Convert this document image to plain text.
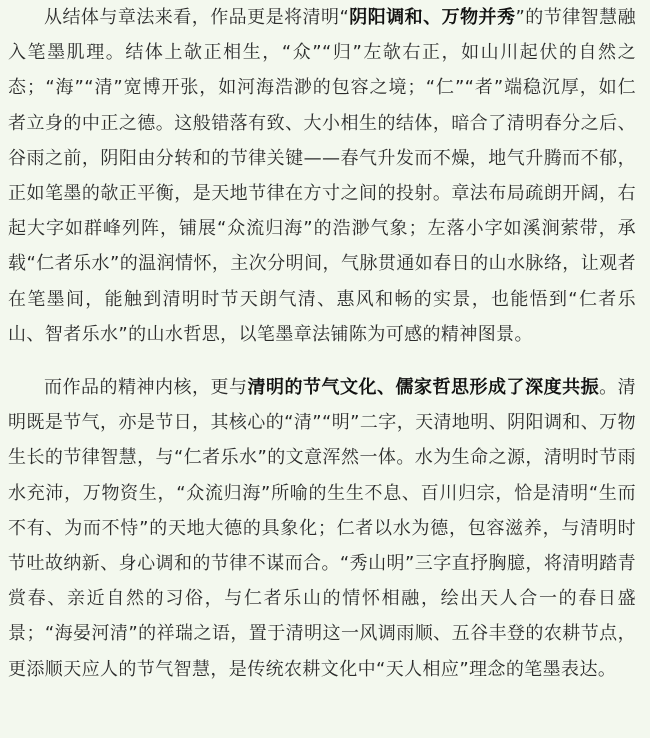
从结体与章法来看，作品更是将清明“阴阳调和、万物并秀”的节律智慧融入笔墨肌理。结体上欹正相生，“众”“归”左欹右正，如山川起伏的自然之态；“海”“清”宽博开张，如河海浩渺的包容之境；“仁”“者”端稳沉厚，如仁者立身的中正之德。这般错落有致、大小相生的结体，暗合了清明春分之后、谷雨之前，阴阳由分转和的节律关键——春气升发而不燥，地气升腾而不郁，正如笔墨的欹正平衡，是天地节律在方寸之间的投射。章法布局疏朗开阔，右起大字如群峰列阵，铺展“众流归海”的浩渺气象；左落小字如溪涧萦带，承载“仁者乐水”的温润情怀，主次分明间，气脉贯通如春日的山水脉络，让观者在笔墨间，能触到清明时节天朗气清、惠风和畅的实景，也能悟到“仁者乐山、智者乐水”的山水哲思，以笔墨章法铺陈为可感的精神图景。

而作品的精神内核，更与清明的节气文化、儒家哲思形成了深度共振。清明既是节气，亦是节日，其核心的“清”“明”二字，天清地明、阴阳调和、万物生长的节律智慧，与“仁者乐水”的文意浑然一体。水为生命之源，清明时节雨水充沛，万物资生，“众流归海”所喻的生生不息、百川归宗，恰是清明“生而不有、为而不恃”的天地大德的具象化；仁者以水为德，包容滋养，与清明时节吐故纳新、身心调和的节律不谋而合。“秀山明”三字直抒胸臆，将清明踏青赏春、亲近自然的习俗，与仁者乐山的情怀相融，绘出天人合一的春日盛景；“海晏河清”的祥瑞之语，置于清明这一风调雨顺、五谷丰登的农耕节点，更添顺天应人的节气智慧，是传统农耕文化中“天人相应”理念的笔墨表达。
